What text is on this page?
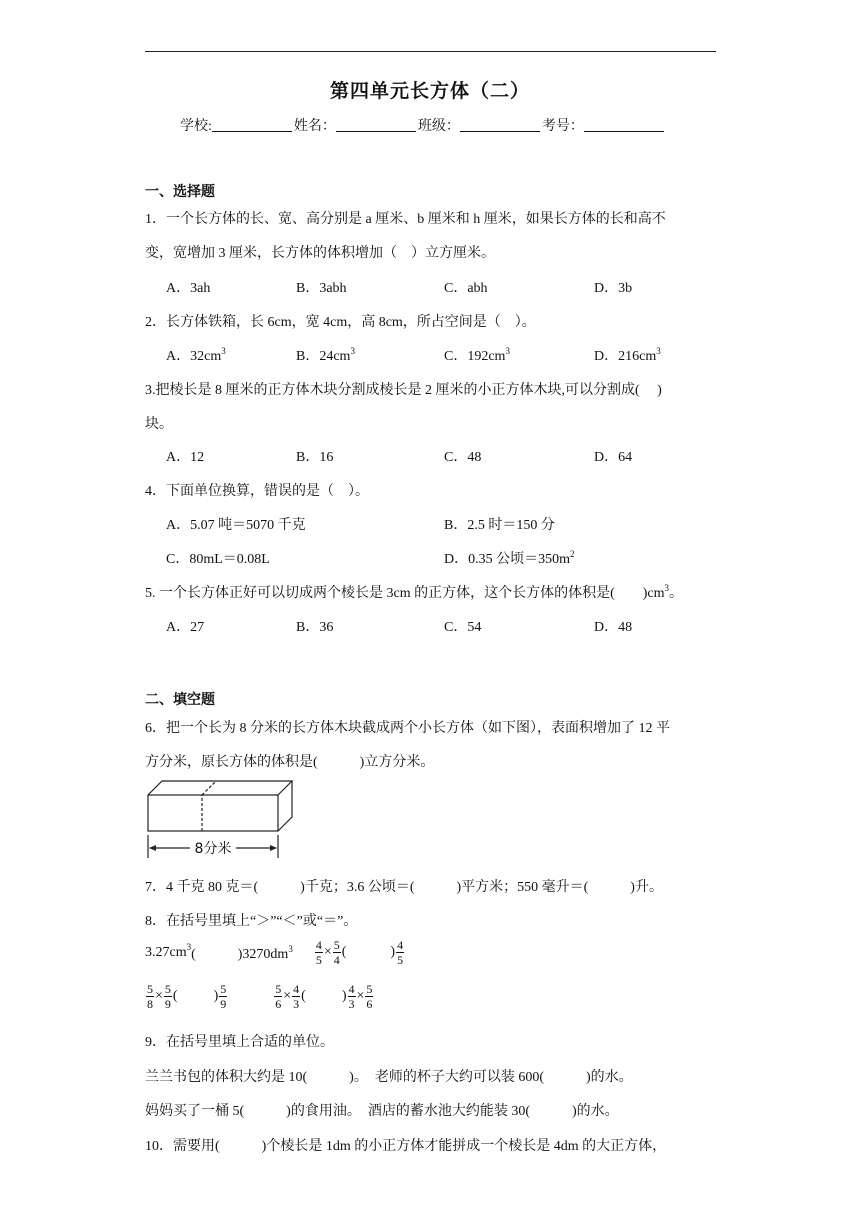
第四单元长方体（二）
学校:	姓名：	班级：	考号：
一、选择题
1．一个长方体的长、宽、高分别是 a 厘米、b 厘米和 h 厘米，如果长方体的长和高不
变，宽增加 3 厘米，长方体的体积增加（　）立方厘米。
A．3ah	B．3abh	C．abh	D．3b
2．长方体铁箱，长 6cm，宽 4cm，高 8cm，所占空间是（　）。
A．$32cm^3$	B．$24cm^3$	C．$192cm^3$	D．$216cm^3$
3.把棱长是 8 厘米的正方体木块分割成棱长是 2 厘米的小正方体木块,可以分割成(　 )
块。
A．12	B．16	C．48	D．64
4．下面单位换算，错误的是（　）。
A．5.07 吨＝5070 千克	B．2.5 时＝150 分
C．80mL＝0.08L	D．0.35 公顷$=350m^2$
5. 一个长方体正好可以切成两个棱长是 3cm 的正方体，这个长方体的体积是(　　)$cm^3$。
A．27	B．36	C．54	D．48
二、填空题
6．把一个长为 8 分米的长方体木块截成两个小长方体（如下图），表面积增加了 12 平
方分米，原长方体的体积是(　　　)立方分米。
8分米
7．4 千克 80 克＝(　　　)千克；3.6 公顷＝(　　　)平方米；550 毫升＝(　　　)升。
8．在括号里填上“＞”“＜”或“＝”。
$3.27cm^3$(　　　)$3270dm^3 \frac{4}{5} \times \frac{5}{4}$ (	) $\frac{4}{5}$
$\frac{5}{8} \times \frac{5}{9}$ (	) $\frac{5}{9}$
	$\frac{5}{6} \times \frac{4}{3}$ (	) $\frac{4}{3} \times \frac{5}{6}$
9．在括号里填上合适的单位。
兰兰书包的体积大约是 10(　　　)。　老师的杯子大约可以装 600(　　　)的水。
妈妈买了一桶 5(　　　)的食用油。　酒店的蓄水池大约能装 30(　　　)的水。
10．需要用(　　　)个棱长是 1dm 的小正方体才能拼成一个棱长是 4dm 的大正方体，
